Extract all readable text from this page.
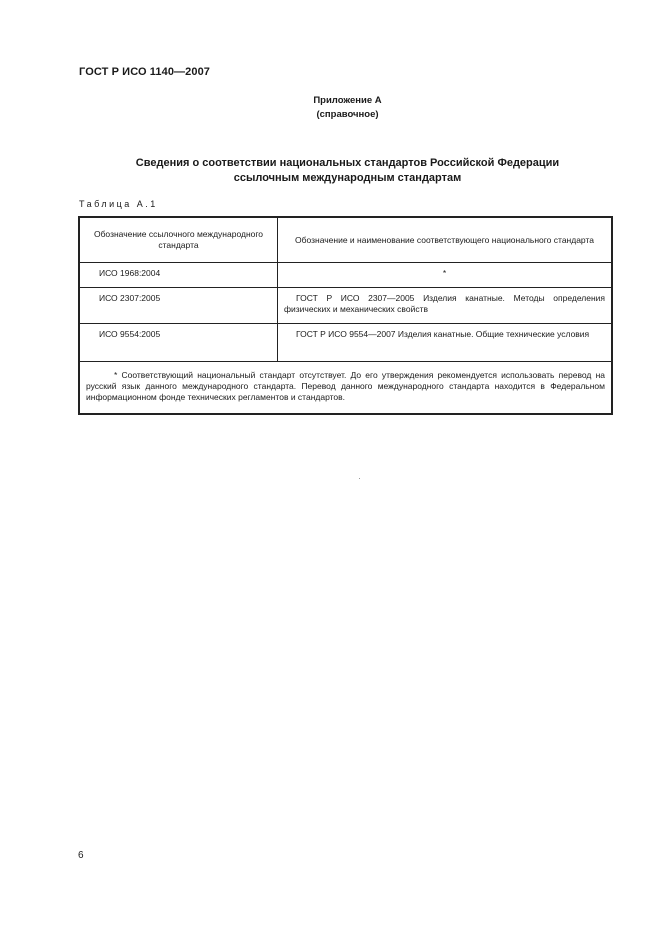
ГОСТ Р ИСО 1140—2007
Приложение А
(справочное)
Сведения о соответствии национальных стандартов Российской Федерации
ссылочным международным стандартам
Таблица А.1
Обозначение ссылочного международного стандарта	Обозначение и наименование соответствующего национального стандарта
ИСО 1968:2004	*
ИСО 2307:2005	ГОСТ Р ИСО 2307—2005 Изделия канатные. Методы определения физических и механических свойств
ИСО 9554:2005	ГОСТ Р ИСО 9554—2007 Изделия канатные. Общие технические условия
* Соответствующий национальный стандарт отсутствует. До его утверждения рекомендуется использовать перевод на русский язык данного международного стандарта. Перевод данного международного стандарта находится в Федеральном информационном фонде технических регламентов и стандартов.	
6
